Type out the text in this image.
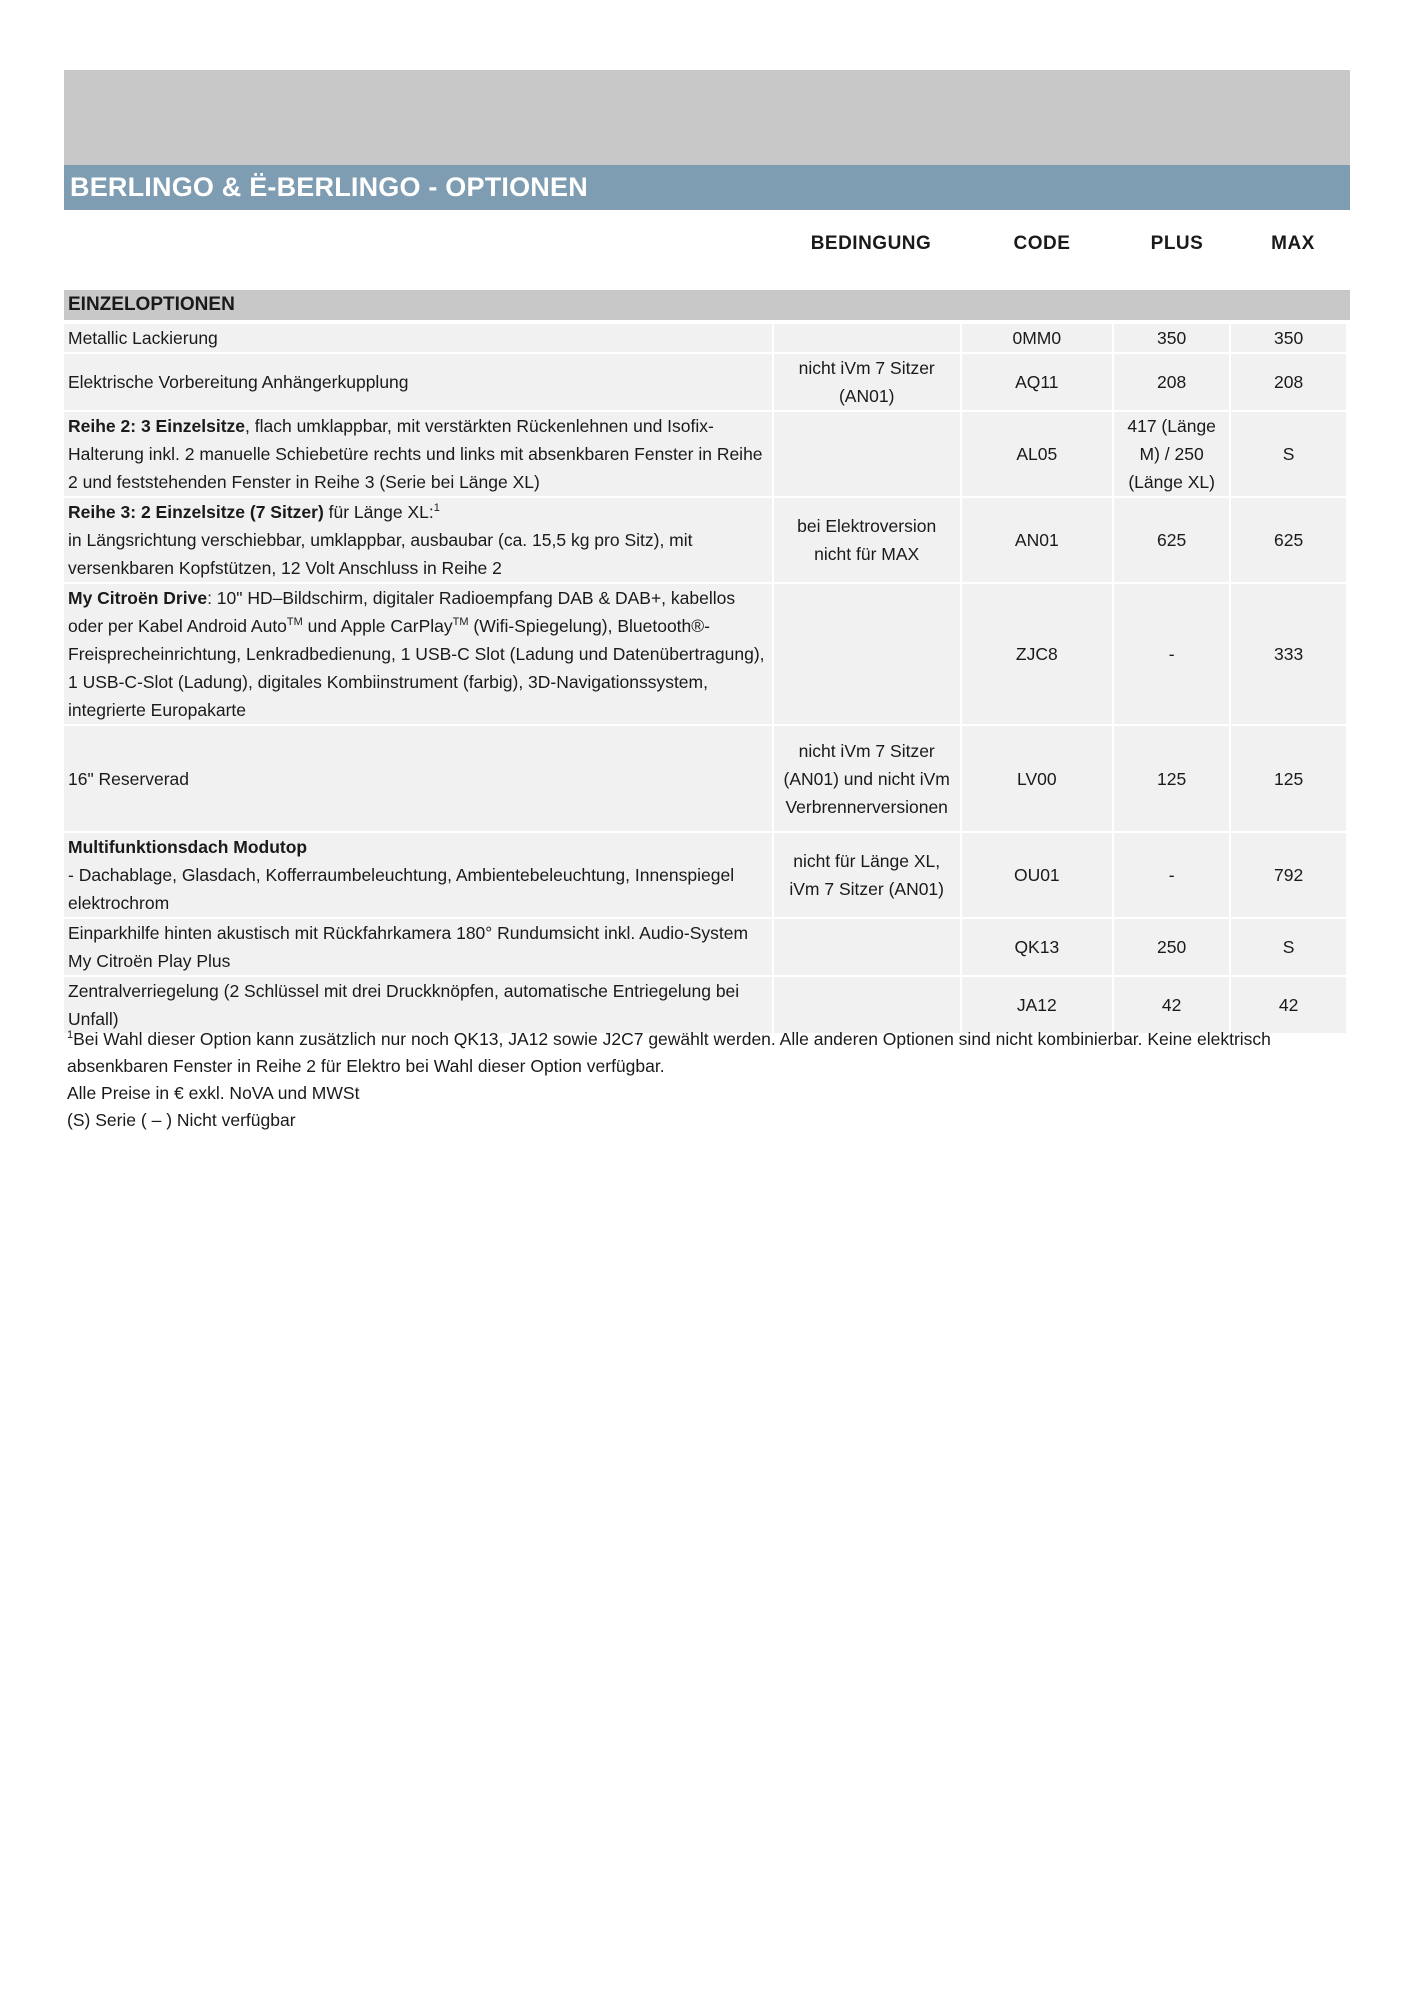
BERLINGO & Ë-BERLINGO - OPTIONEN
BEDINGUNG	CODE	PLUS	MAX
EINZELOPTIONEN
Metallic Lackierung		0MM0	350	350
Elektrische Vorbereitung Anhängerkupplung	nicht iVm 7 Sitzer (AN01)	AQ11	208	208
Reihe 2: 3 Einzelsitze, flach umklappbar, mit verstärkten Rückenlehnen und Isofix-Halterung inkl. 2 manuelle Schiebetüre rechts und links mit absenkbaren Fenster in Reihe 2 und feststehenden Fenster in Reihe 3 (Serie bei Länge XL)		AL05	417 (Länge M) / 250 (Länge XL)	S
Reihe 3: 2 Einzelsitze (7 Sitzer) für Länge XL:$^1$
in Längsrichtung verschiebbar, umklappbar, ausbaubar (ca. 15,5 kg pro Sitz), mit versenkbaren Kopfstützen, 12 Volt Anschluss in Reihe 2	bei Elektroversion nicht für MAX	AN01	625	625
My Citroën Drive: 10" HD–Bildschirm, digitaler Radioempfang DAB & DAB+, kabellos oder per Kabel Android Auto™ und Apple CarPlay™ (Wifi-Spiegelung), Bluetooth®-Freisprecheinrichtung, Lenkradbedienung, 1 USB-C Slot (Ladung und Datenübertragung), 1 USB-C-Slot (Ladung), digitales Kombiinstrument (farbig), 3D-Navigationssystem, integrierte Europakarte		ZJC8	-	333
16" Reserverad	nicht iVm 7 Sitzer (AN01) und nicht iVm Verbrennerversionen	LV00	125	125
Multifunktionsdach Modutop
- Dachablage, Glasdach, Kofferraumbeleuchtung, Ambientebeleuchtung, Innenspiegel elektrochrom	nicht für Länge XL, iVm 7 Sitzer (AN01)	OU01	-	792
Einparkhilfe hinten akustisch mit Rückfahrkamera 180° Rundumsicht inkl. Audio-System My Citroën Play Plus		QK13	250	S
Zentralverriegelung (2 Schlüssel mit drei Druckknöpfen, automatische Entriegelung bei Unfall)		JA12	42	42
$^1$Bei Wahl dieser Option kann zusätzlich nur noch QK13, JA12 sowie J2C7 gewählt werden. Alle anderen Optionen sind nicht kombinierbar. Keine elektrisch absenkbaren Fenster in Reihe 2 für Elektro bei Wahl dieser Option verfügbar.
Alle Preise in € exkl. NoVA und MWSt
(S) Serie ( – ) Nicht verfügbar
